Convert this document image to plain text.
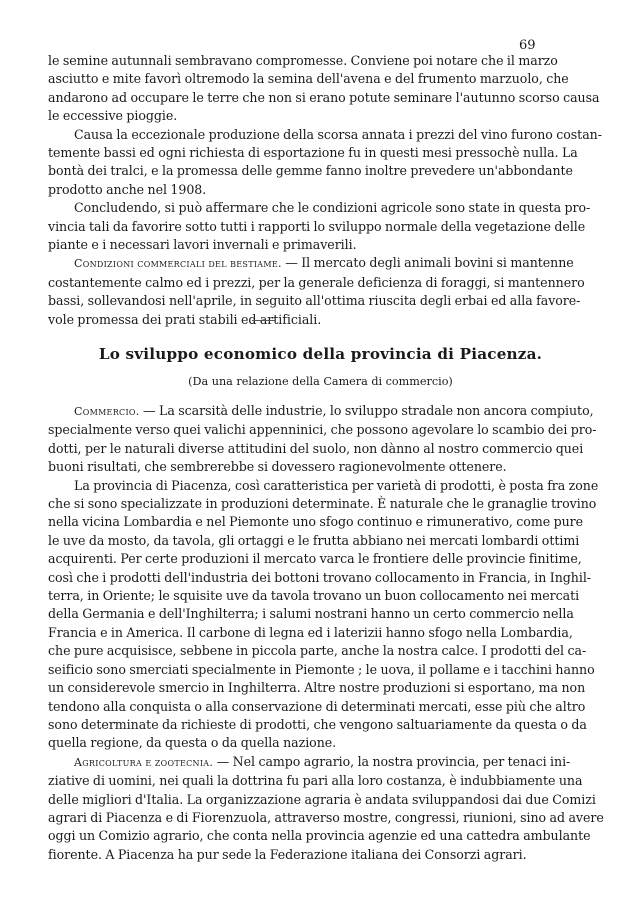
69
le semine autunnali sembravano compromesse. Conviene poi notare che il marzo
asciutto e mite favorì oltremodo la semina dell'avena e del frumento marzuolo, che
andarono ad occupare le terre che non si erano potute seminare l'autunno scorso causa
le eccessive pioggie.
Causa la eccezionale produzione della scorsa annata i prezzi del vino furono costan-
temente bassi ed ogni richiesta di esportazione fu in questi mesi pressochè nulla. La
bontà dei tralci, e la promessa delle gemme fanno inoltre prevedere un'abbondante
prodotto anche nel 1908.
Concludendo, si può affermare che le condizioni agricole sono state in questa pro-
vincia tali da favorire sotto tutti i rapporti lo sviluppo normale della vegetazione delle
piante e i necessari lavori invernali e primaverili.
Condizioni commerciali del bestiame. — Il mercato degli animali bovini si mantenne
costantemente calmo ed i prezzi, per la generale deficienza di foraggi, si mantennero
bassi, sollevandosi nell'aprile, in seguito all'ottima riuscita degli erbai ed alla favore-
vole promessa dei prati stabili ed artificiali.
Lo sviluppo economico della provincia di Piacenza.
(Da una relazione della Camera di commercio)
Commercio. — La scarsità delle industrie, lo sviluppo stradale non ancora compiuto,
specialmente verso quei valichi appenninici, che possono agevolare lo scambio dei pro-
dotti, per le naturali diverse attitudini del suolo, non dànno al nostro commercio quei
buoni risultati, che sembrerebbe si dovessero ragionevolmente ottenere.
La provincia di Piacenza, così caratteristica per varietà di prodotti, è posta fra zone
che si sono specializzate in produzioni determinate. È naturale che le granaglie trovino
nella vicina Lombardia e nel Piemonte uno sfogo continuo e rimunerativo, come pure
le uve da mosto, da tavola, gli ortaggi e le frutta abbiano nei mercati lombardi ottimi
acquirenti. Per certe produzioni il mercato varca le frontiere delle provincie finitime,
così che i prodotti dell'industria dei bottoni trovano collocamento in Francia, in Inghil-
terra, in Oriente; le squisite uve da tavola trovano un buon collocamento nei mercati
della Germania e dell'Inghilterra; i salumi nostrani hanno un certo commercio nella
Francia e in America. Il carbone di legna ed i laterizii hanno sfogo nella Lombardia,
che pure acquisisce, sebbene in piccola parte, anche la nostra calce. I prodotti del ca-
seificio sono smerciati specialmente in Piemonte ; le uova, il pollame e i tacchini hanno
un considerevole smercio in Inghilterra. Altre nostre produzioni si esportano, ma non
tendono alla conquista o alla conservazione di determinati mercati, esse più che altro
sono determinate da richieste di prodotti, che vengono saltuariamente da questa o da
quella regione, da questa o da quella nazione.
Agricoltura e zootecnia. — Nel campo agrario, la nostra provincia, per tenaci ini-
ziative di uomini, nei quali la dottrina fu pari alla loro costanza, è indubbiamente una
delle migliori d'Italia. La organizzazione agraria è andata sviluppandosi dai due Comizi
agrari di Piacenza e di Fiorenzuola, attraverso mostre, congressi, riunioni, sino ad avere
oggi un Comizio agrario, che conta nella provincia agenzie ed una cattedra ambulante
fiorente. A Piacenza ha pur sede la Federazione italiana dei Consorzi agrari.
